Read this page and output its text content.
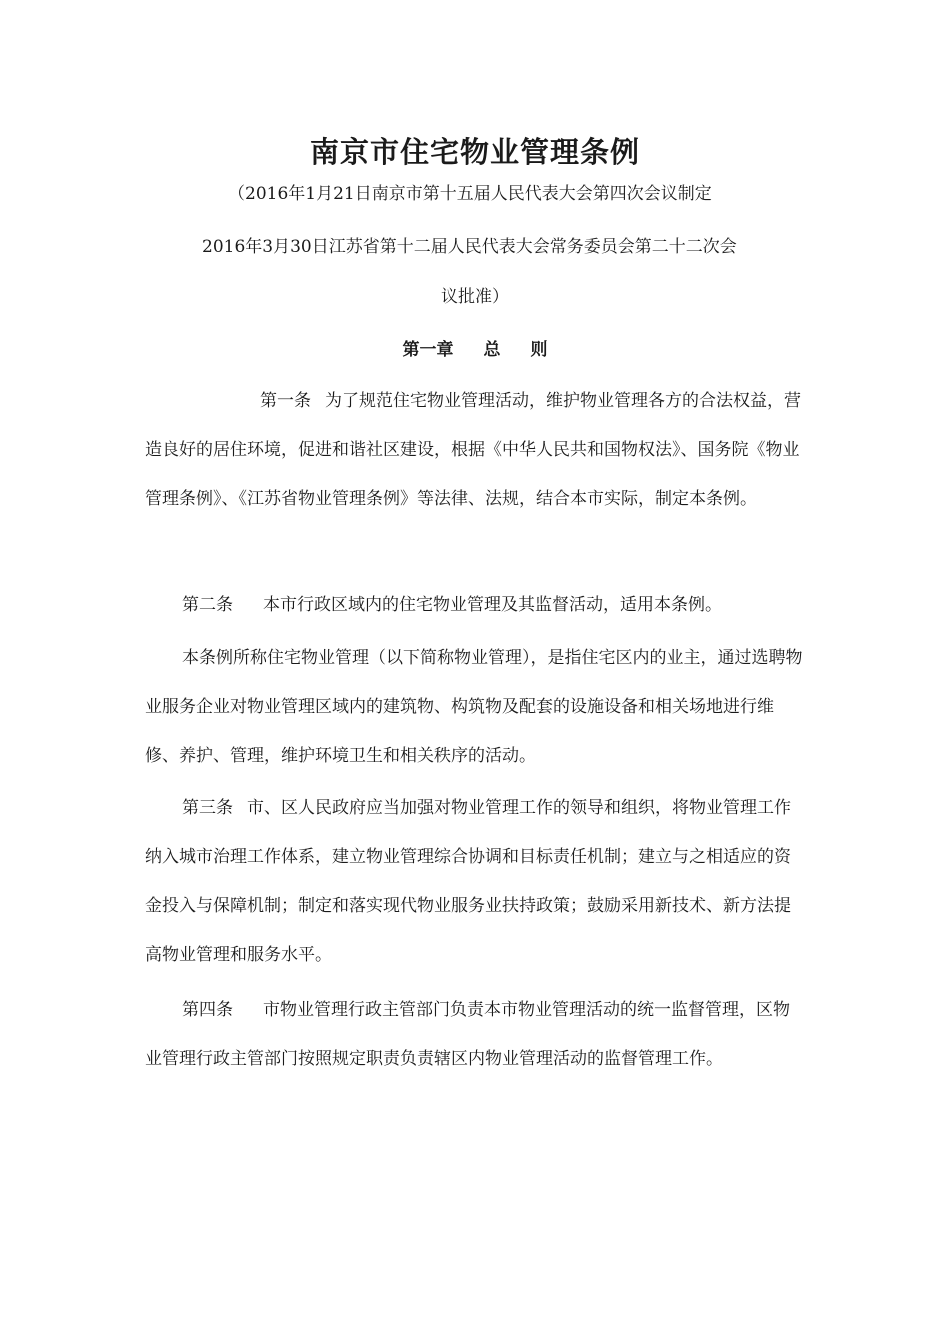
南京市住宅物业管理条例

（2016年1月21日南京市第十五届人民代表大会第四次会议制定

2016年3月30日江苏省第十二届人民代表大会常务委员会第二十二次会

议批准）

第一章 总 则

第一条 为了规范住宅物业管理活动，维护物业管理各方的合法权益，营造良好的居住环境，促进和谐社区建设，根据《中华人民共和国物权法》、国务院《物业管理条例》、《江苏省物业管理条例》等法律、法规，结合本市实际，制定本条例。

第二条 本市行政区域内的住宅物业管理及其监督活动，适用本条例。

本条例所称住宅物业管理（以下简称物业管理），是指住宅区内的业主，通过选聘物业服务企业对物业管理区域内的建筑物、构筑物及配套的设施设备和相关场地进行维修、养护、管理，维护环境卫生和相关秩序的活动。

第三条 市、区人民政府应当加强对物业管理工作的领导和组织，将物业管理工作纳入城市治理工作体系，建立物业管理综合协调和目标责任机制；建立与之相适应的资金投入与保障机制；制定和落实现代物业服务业扶持政策；鼓励采用新技术、新方法提高物业管理和服务水平。

第四条 市物业管理行政主管部门负责本市物业管理活动的统一监督管理，区物业管理行政主管部门按照规定职责负责辖区内物业管理活动的监督管理工作。
